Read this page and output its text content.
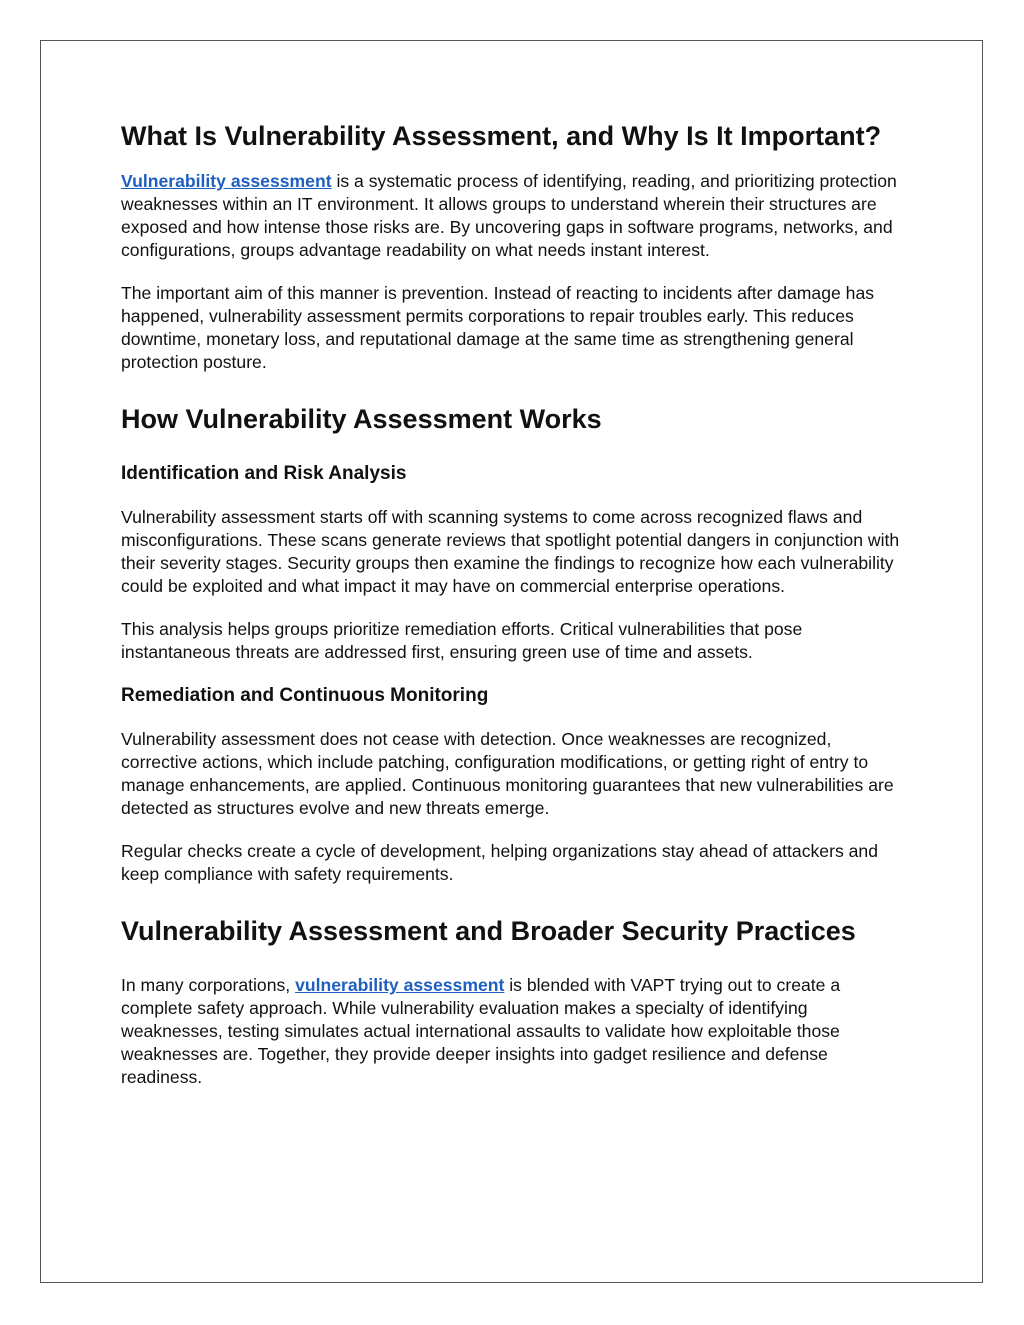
What Is Vulnerability Assessment, and Why Is It Important?

Vulnerability assessment is a systematic process of identifying, reading, and prioritizing protection weaknesses within an IT environment. It allows groups to understand wherein their structures are exposed and how intense those risks are. By uncovering gaps in software programs, networks, and configurations, groups advantage readability on what needs instant interest.

The important aim of this manner is prevention. Instead of reacting to incidents after damage has happened, vulnerability assessment permits corporations to repair troubles early. This reduces downtime, monetary loss, and reputational damage at the same time as strengthening general protection posture.

How Vulnerability Assessment Works
Identification and Risk Analysis

Vulnerability assessment starts off with scanning systems to come across recognized flaws and misconfigurations. These scans generate reviews that spotlight potential dangers in conjunction with their severity stages. Security groups then examine the findings to recognize how each vulnerability could be exploited and what impact it may have on commercial enterprise operations.

This analysis helps groups prioritize remediation efforts. Critical vulnerabilities that pose instantaneous threats are addressed first, ensuring green use of time and assets.

Remediation and Continuous Monitoring

Vulnerability assessment does not cease with detection. Once weaknesses are recognized, corrective actions, which include patching, configuration modifications, or getting right of entry to manage enhancements, are applied. Continuous monitoring guarantees that new vulnerabilities are detected as structures evolve and new threats emerge.

Regular checks create a cycle of development, helping organizations stay ahead of attackers and keep compliance with safety requirements.

Vulnerability Assessment and Broader Security Practices

In many corporations, vulnerability assessment is blended with VAPT trying out to create a complete safety approach. While vulnerability evaluation makes a specialty of identifying weaknesses, testing simulates actual international assaults to validate how exploitable those weaknesses are. Together, they provide deeper insights into gadget resilience and defense readiness.
